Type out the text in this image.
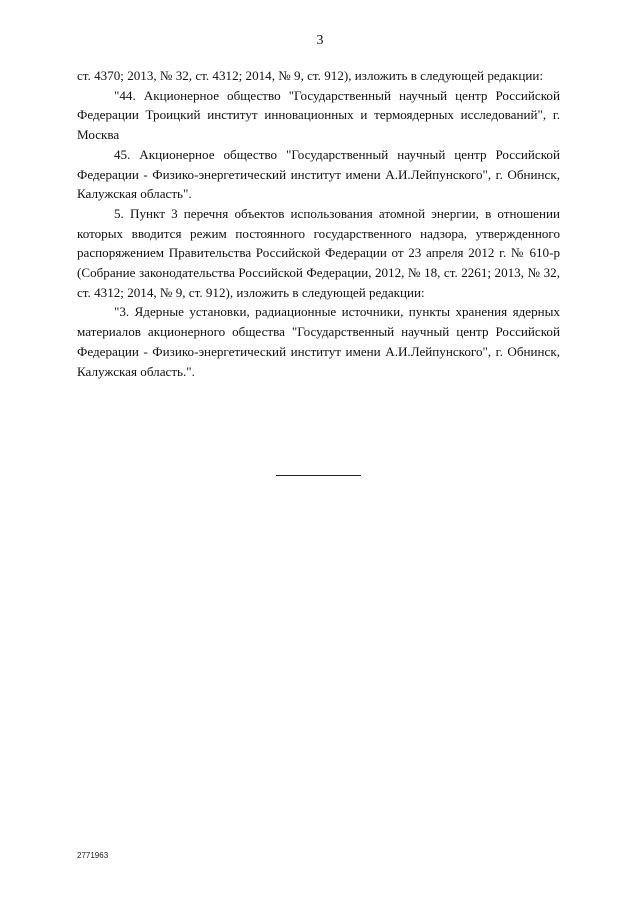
3

ст. 4370; 2013, № 32, ст. 4312; 2014, № 9, ст. 912), изложить в следующей редакции:

"44. Акционерное общество "Государственный научный центр Российской Федерации Троицкий институт инновационных и термоядерных исследований", г. Москва

45. Акционерное общество "Государственный научный центр Российской Федерации - Физико-энергетический институт имени А.И.Лейпунского", г. Обнинск, Калужская область".

5. Пункт 3 перечня объектов использования атомной энергии, в отношении которых вводится режим постоянного государственного надзора, утвержденного распоряжением Правительства Российской Федерации от 23 апреля 2012 г. № 610-р (Собрание законодательства Российской Федерации, 2012, № 18, ст. 2261; 2013, № 32, ст. 4312; 2014, № 9, ст. 912), изложить в следующей редакции:

"3. Ядерные установки, радиационные источники, пункты хранения ядерных материалов акционерного общества "Государственный научный центр Российской Федерации - Физико-энергетический институт имени А.И.Лейпунского", г. Обнинск, Калужская область.".

2771963
